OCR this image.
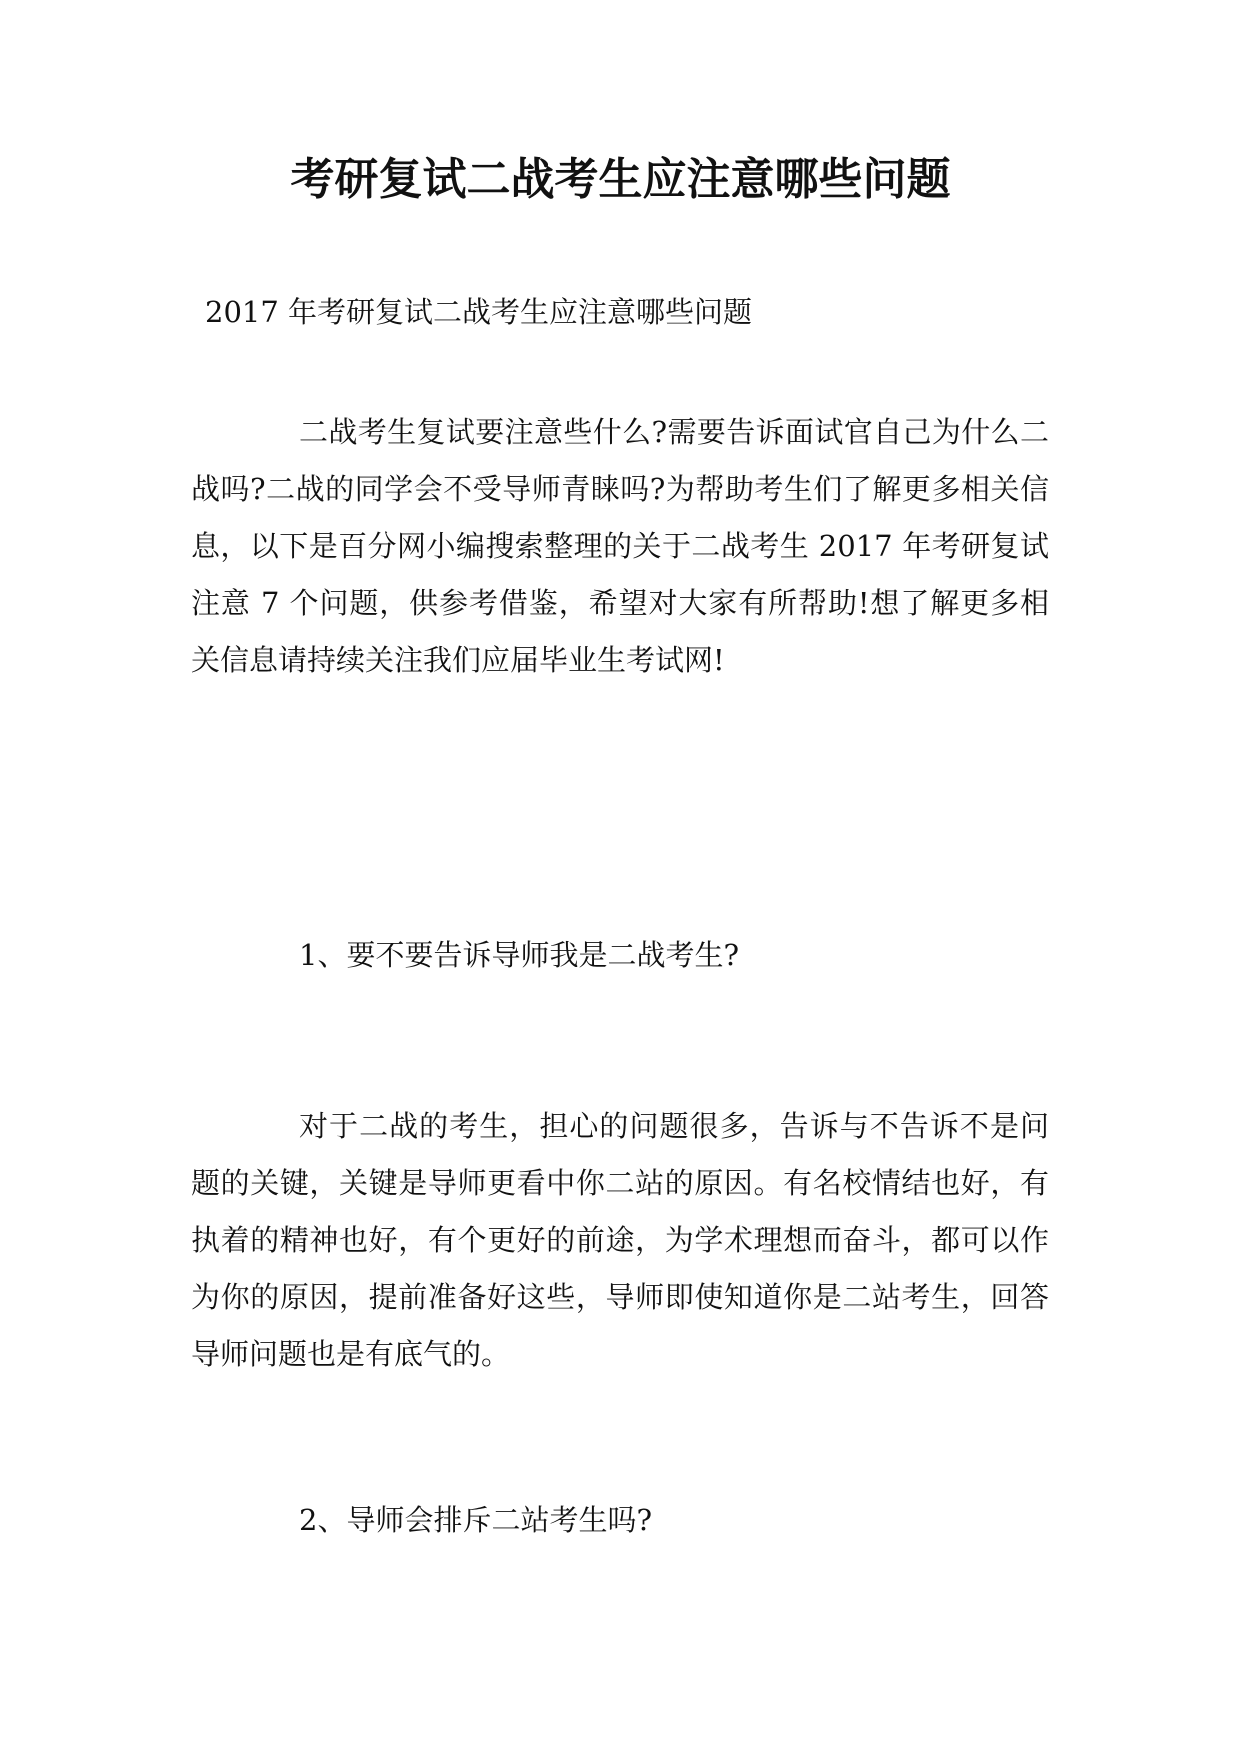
考研复试二战考生应注意哪些问题
2017 年考研复试二战考生应注意哪些问题

二战考生复试要注意些什么?需要告诉面试官自己为什么二战吗?二战的同学会不受导师青睐吗?为帮助考生们了解更多相关信息，以下是百分网小编搜索整理的关于二战考生 2017 年考研复试注意 7 个问题，供参考借鉴，希望对大家有所帮助!想了解更多相关信息请持续关注我们应届毕业生考试网!

1、要不要告诉导师我是二战考生?

对于二战的考生，担心的问题很多，告诉与不告诉不是问题的关键，关键是导师更看中你二站的原因。有名校情结也好，有执着的精神也好，有个更好的前途，为学术理想而奋斗，都可以作为你的原因，提前准备好这些，导师即使知道你是二站考生，回答导师问题也是有底气的。

2、导师会排斥二站考生吗?
